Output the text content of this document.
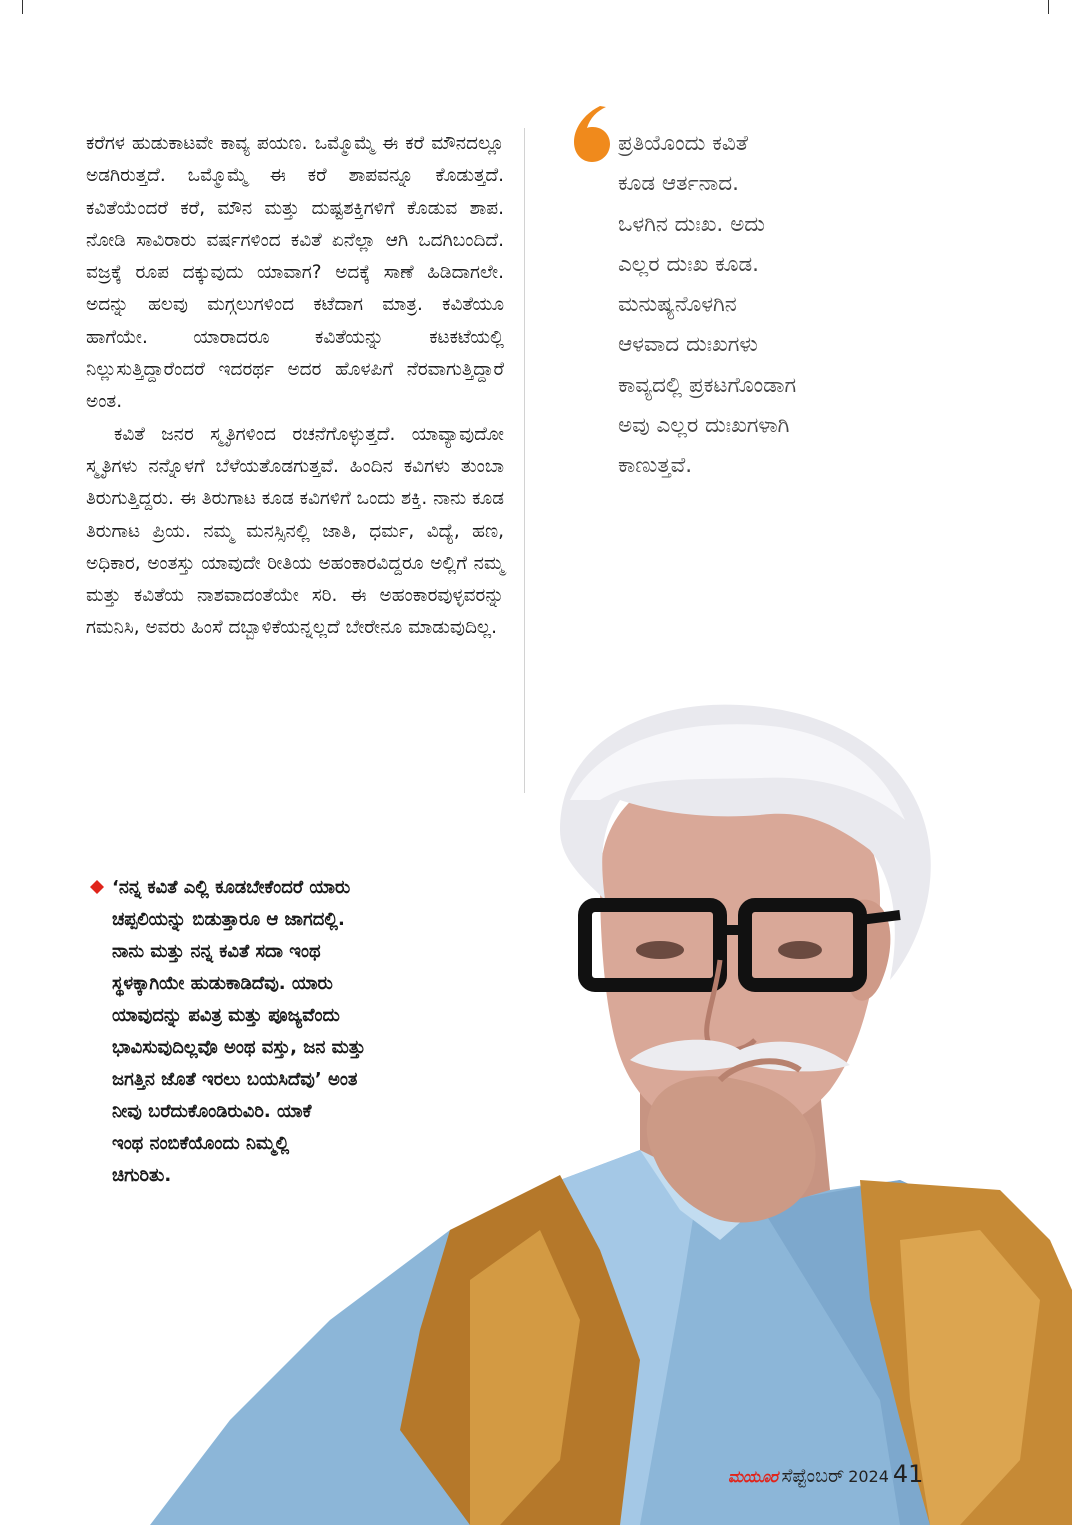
ಕರೆಗಳ ಹುಡುಕಾಟವೇ ಕಾವ್ಯ ಪಯಣ. ಒಮ್ಮೊಮ್ಮೆ ಈ ಕರೆ ಮೌನದಲ್ಲೂ ಅಡಗಿರುತ್ತದೆ. ಒಮ್ಮೊಮ್ಮೆ ಈ ಕರೆ ಶಾಪವನ್ನೂ ಕೊಡುತ್ತದೆ. ಕವಿತೆಯೆಂದರೆ ಕರೆ, ಮೌನ ಮತ್ತು ದುಷ್ಟಶಕ್ತಿಗಳಿಗೆ ಕೊಡುವ ಶಾಪ. ನೋಡಿ ಸಾವಿರಾರು ವರ್ಷಗಳಿಂದ ಕವಿತೆ ಏನೆಲ್ಲಾ ಆಗಿ ಒದಗಿಬಂದಿದೆ. ವಜ್ರಕ್ಕೆ ರೂಪ ದಕ್ಕುವುದು ಯಾವಾಗ? ಅದಕ್ಕೆ ಸಾಣೆ ಹಿಡಿದಾಗಲೇ. ಅದನ್ನು ಹಲವು ಮಗ್ಗಲುಗಳಿಂದ ಕಟೆದಾಗ ಮಾತ್ರ. ಕವಿತೆಯೂ ಹಾಗೆಯೇ. ಯಾರಾದರೂ ಕವಿತೆಯನ್ನು ಕಟಕಟೆಯಲ್ಲಿ ನಿಲ್ಲುಸುತ್ತಿದ್ದಾರೆಂದರೆ ಇದರರ್ಥ ಅದರ ಹೊಳಪಿಗೆ ನೆರವಾಗುತ್ತಿದ್ದಾರೆ ಅಂತ.

ಕವಿತೆ ಜನರ ಸ್ಮೃತಿಗಳಿಂದ ರಚನೆಗೊಳ್ಳುತ್ತದೆ. ಯಾವ್ಯಾವುದೋ ಸ್ಮೃತಿಗಳು ನನ್ನೊಳಗೆ ಬೆಳೆಯತೊಡಗುತ್ತವೆ. ಹಿಂದಿನ ಕವಿಗಳು ತುಂಬಾ ತಿರುಗುತ್ತಿದ್ದರು. ಈ ತಿರುಗಾಟ ಕೂಡ ಕವಿಗಳಿಗೆ ಒಂದು ಶಕ್ತಿ. ನಾನು ಕೂಡ ತಿರುಗಾಟ ಪ್ರಿಯ. ನಮ್ಮ ಮನಸ್ಸಿನಲ್ಲಿ ಜಾತಿ, ಧರ್ಮ, ವಿದ್ಯೆ, ಹಣ, ಅಧಿಕಾರ, ಅಂತಸ್ತು ಯಾವುದೇ ರೀತಿಯ ಅಹಂಕಾರವಿದ್ದರೂ ಅಲ್ಲಿಗೆ ನಮ್ಮ ಮತ್ತು ಕವಿತೆಯ ನಾಶವಾದಂತೆಯೇ ಸರಿ. ಈ ಅಹಂಕಾರವುಳ್ಳವರನ್ನು ಗಮನಿಸಿ, ಅವರು ಹಿಂಸೆ ದಬ್ಬಾಳಿಕೆಯನ್ನಲ್ಲದೆ ಬೇರೇನೂ ಮಾಡುವುದಿಲ್ಲ.

ಪ್ರತಿಯೊಂದು ಕವಿತೆ
ಕೂಡ ಆರ್ತನಾದ.
ಒಳಗಿನ ದುಃಖ. ಅದು
ಎಲ್ಲರ ದುಃಖ ಕೂಡ.
ಮನುಷ್ಯನೊಳಗಿನ
ಆಳವಾದ ದುಃಖಗಳು
ಕಾವ್ಯದಲ್ಲಿ ಪ್ರಕಟಗೊಂಡಾಗ
ಅವು ಎಲ್ಲರ ದುಃಖಗಳಾಗಿ
ಕಾಣುತ್ತವೆ.
‘ನನ್ನ ಕವಿತೆ ಎಲ್ಲಿ ಕೂಡಬೇಕೆಂದರೆ ಯಾರು
ಚಪ್ಪಲಿಯನ್ನು ಬಿಡುತ್ತಾರೂ ಆ ಜಾಗದಲ್ಲಿ.
ನಾನು ಮತ್ತು ನನ್ನ ಕವಿತೆ ಸದಾ ಇಂಥ
ಸ್ಥಳಕ್ಕಾಗಿಯೇ ಹುಡುಕಾಡಿದೆವು. ಯಾರು
ಯಾವುದನ್ನು ಪವಿತ್ರ ಮತ್ತು ಪೂಜ್ಯವೆಂದು
ಭಾವಿಸುವುದಿಲ್ಲವೊ ಅಂಥ ವಸ್ತು, ಜನ ಮತ್ತು
ಜಗತ್ತಿನ ಜೊತೆ ಇರಲು ಬಯಸಿದೆವು’ ಅಂತ
ನೀವು ಬರೆದುಕೊಂಡಿರುವಿರಿ. ಯಾಕೆ
ಇಂಥ ನಂಬಿಕೆಯೊಂದು ನಿಮ್ಮಲ್ಲಿ
ಚಿಗುರಿತು.
ಮಯೂರ ಸೆಪ್ಟೆಂಬರ್ 2024 41
